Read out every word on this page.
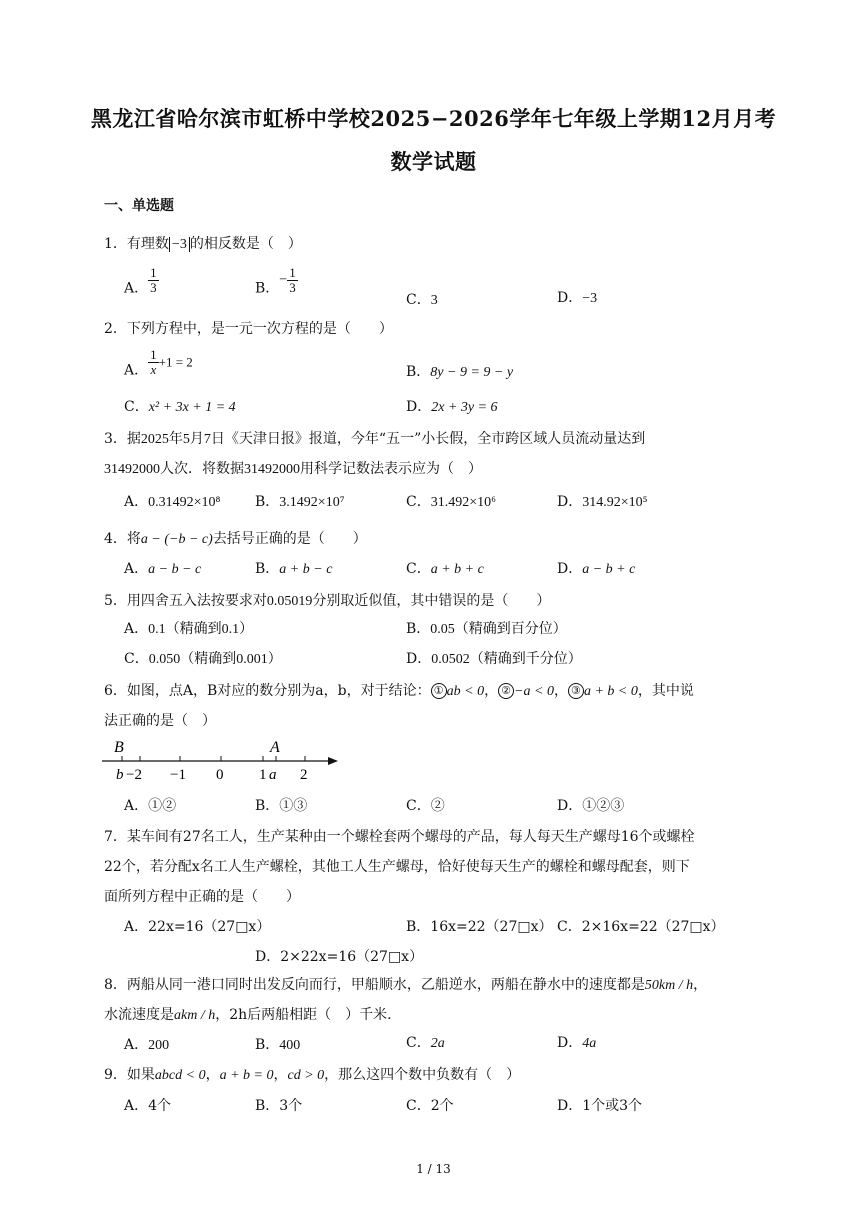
黑龙江省哈尔滨市虹桥中学校2025−2026学年七年级上学期12月月考
数学试题
一、单选题
1．有理数 −3 的相反数是（　）
A． $\frac{1}{3}$	B．− $\frac{1}{3}$
C．3	D．−3
2．下列方程中，是一元一次方程的是（　　）
A． $\frac{1}{x} +1 = 2$
B．8y − 9 = 9 − y
C．x² + 3x + 1 = 4	D．2x + 3y = 6
3．据2025年5月7日《天津日报》报道，今年“五一”小长假，全市跨区域人员流动量达到
31492000人次．将数据31492000用科学记数法表示应为（　）
A．0.31492×10⁸ B．3.1492×10⁷	C．31.492×10⁶	D．314.92×10⁵
4．将a − (−b − c)去括号正确的是（　　）
A．a − b − c	B．a + b − c	C．a + b + c	D．a − b + c
5．用四舍五入法按要求对0.05019分别取近似值，其中错误的是（　　）
A．0.1（精确到0.1）	B．0.05（精确到百分位）
C．0.050（精确到0.001）	D．0.0502（精确到千分位）
6．如图，点A，B对应的数分别为a，b，对于结论： ① ab < 0， ② −a < 0， ③ a + b < 0，其中说
法正确的是（　）
B	A
b −2 −1 0 1 a 2
A．①②	B．①③	C．②	D．①②③
7．某车间有27名工人，生产某种由一个螺栓套两个螺母的产品，每人每天生产螺母16个或螺栓
22个，若分配x名工人生产螺栓，其他工人生产螺母，恰好使每天生产的螺栓和螺母配套，则下
面所列方程中正确的是（　　）
A．22x=16（27□x）	B．16x=22（27□x） C．2×16x=22（27□x）
D．2×22x=16（27□x）
8．两船从同一港口同时出发反向而行，甲船顺水，乙船逆水，两船在静水中的速度都是50km / h，
水流速度是akm / h，2h后两船相距（　）千米.
A．200	B．400	C．2a	D．4a
9．如果abcd < 0，a + b = 0，cd > 0，那么这四个数中负数有（　）
A．4个	B．3个	C．2个	D．1个或3个
1 / 13
